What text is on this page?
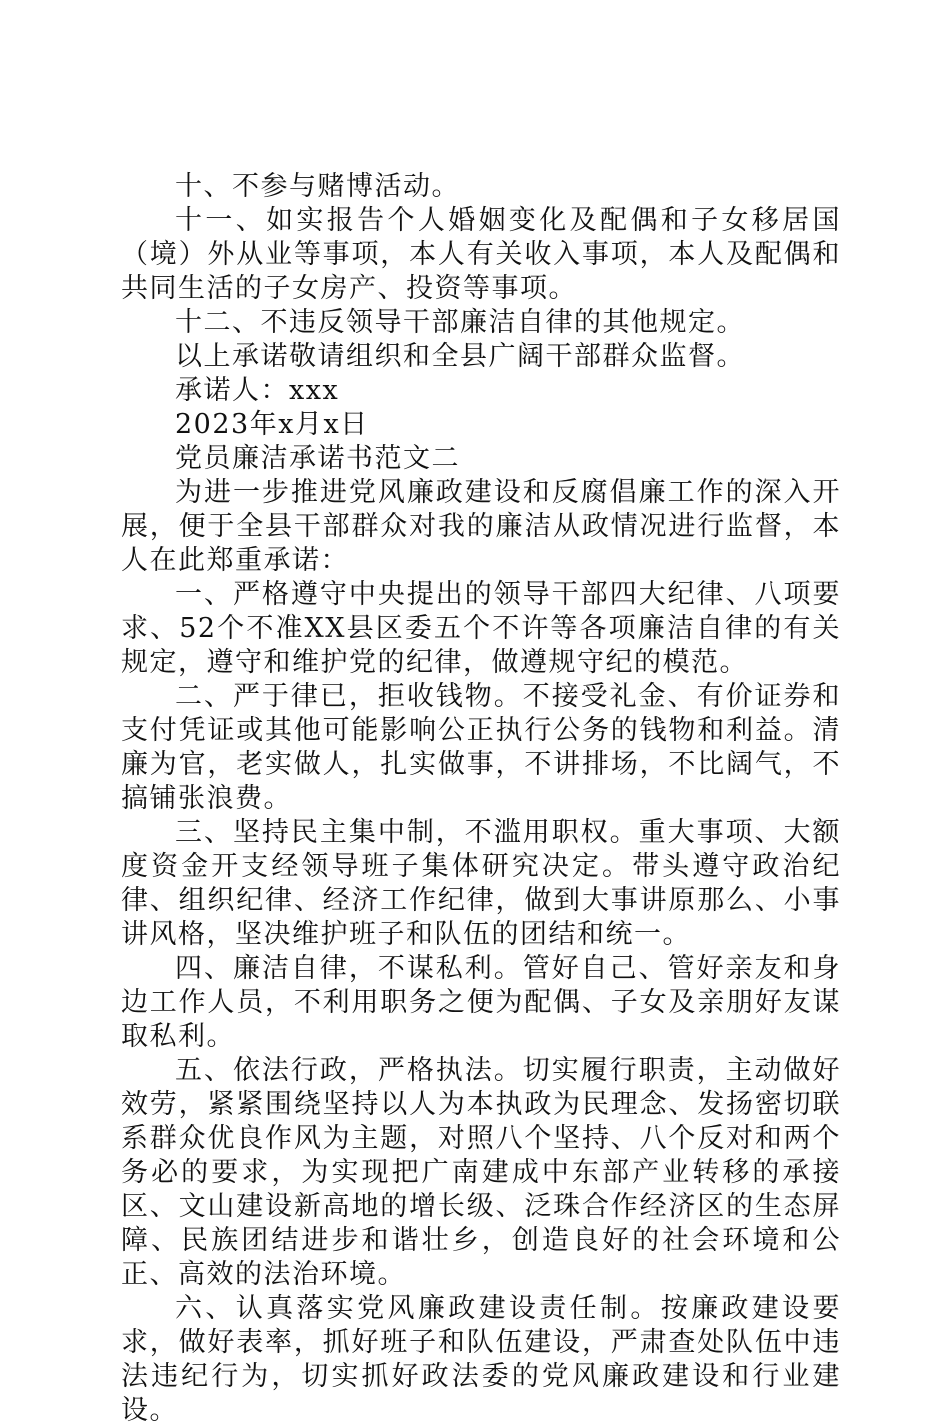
十、不参与赌博活动。

十一、如实报告个人婚姻变化及配偶和子女移居国（境）外从业等事项，本人有关收入事项，本人及配偶和共同生活的子女房产、投资等事项。

十二、不违反领导干部廉洁自律的其他规定。

以上承诺敬请组织和全县广阔干部群众监督。

承诺人：xxx

2023年x月x日

党员廉洁承诺书范文二

为进一步推进党风廉政建设和反腐倡廉工作的深入开展，便于全县干部群众对我的廉洁从政情况进行监督，本人在此郑重承诺：

一、严格遵守中央提出的领导干部四大纪律、八项要求、52个不准XX县区委五个不许等各项廉洁自律的有关规定，遵守和维护党的纪律，做遵规守纪的模范。

二、严于律已，拒收钱物。不接受礼金、有价证券和支付凭证或其他可能影响公正执行公务的钱物和利益。清廉为官，老实做人，扎实做事，不讲排场，不比阔气，不搞铺张浪费。

三、坚持民主集中制，不滥用职权。重大事项、大额度资金开支经领导班子集体研究决定。带头遵守政治纪律、组织纪律、经济工作纪律，做到大事讲原那么、小事讲风格，坚决维护班子和队伍的团结和统一。

四、廉洁自律，不谋私利。管好自己、管好亲友和身边工作人员，不利用职务之便为配偶、子女及亲朋好友谋取私利。

五、依法行政，严格执法。切实履行职责，主动做好效劳，紧紧围绕坚持以人为本执政为民理念、发扬密切联系群众优良作风为主题，对照八个坚持、八个反对和两个务必的要求，为实现把广南建成中东部产业转移的承接区、文山建设新高地的增长级、泛珠合作经济区的生态屏障、民族团结进步和谐壮乡，创造良好的社会环境和公正、高效的法治环境。

六、认真落实党风廉政建设责任制。按廉政建设要求，做好表率，抓好班子和队伍建设，严肃查处队伍中违法违纪行为，切实抓好政法委的党风廉政建设和行业建设。
